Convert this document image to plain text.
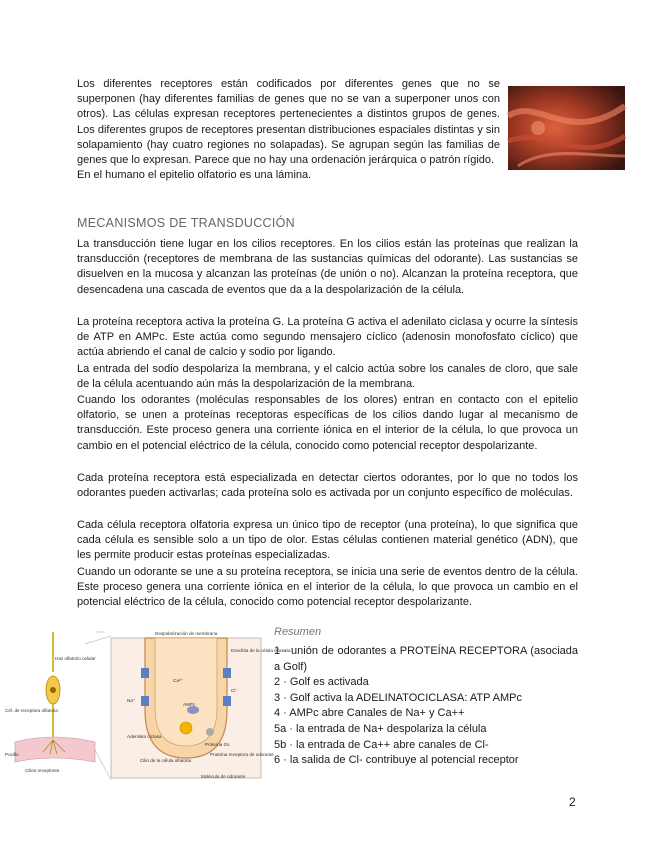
Los diferentes receptores están codificados por diferentes genes que no se superponen (hay diferentes familias de genes que no se van a superponer unos con otros). Las células expresan receptores pertenecientes a distintos grupos de genes. Los diferentes grupos de receptores presentan distribuciones espaciales distintas y sin solapamiento (hay cuatro regiones no solapadas). Se agrupan según las familias de genes que lo expresan. Parece que no hay una ordenación jerárquica o patrón rígido.
En el humano el epitelio olfatorio es una lámina.

MECANISMOS DE TRANSDUCCIÓN

La transducción tiene lugar en los cilios receptores. En los cilios están las proteínas que realizan la transducción (receptores de membrana de las sustancias químicas del odorante). Las sustancias se disuelven en la mucosa y alcanzan las proteínas (de unión o no). Alcanzan la proteína receptora, que desencadena una cascada de eventos que da a la despolarización de la célula.

La proteína receptora activa la proteína G. La proteína G activa el adenilato ciclasa y ocurre la síntesis de ATP en AMPc. Este actúa como segundo mensajero cíclico (adenosin monofosfato cíclico) que actúa abriendo el canal de calcio y sodio por ligando.

La entrada del sodio despolariza la membrana, y el calcio actúa sobre los canales de cloro, que sale de la célula acentuando aún más la despolarización de la membrana.

Cuando los odorantes (moléculas responsables de los olores) entran en contacto con el epitelio olfatorio, se unen a proteínas receptoras específicas de los cilios dando lugar al mecanismo de transducción. Este proceso genera una corriente iónica en el interior de la célula, lo que provoca un cambio en el potencial eléctrico de la célula, conocido como potencial receptor despolarizante.

Cada proteína receptora está especializada en detectar ciertos odorantes, por lo que no todos los odorantes pueden activarlas; cada proteína solo es activada por un conjunto específico de moléculas.

Cada célula receptora olfatoria expresa un único tipo de receptor (una proteína), lo que significa que cada célula es sensible solo a un tipo de olor. Estas células contienen material genético (ADN), que les permite producir estas proteínas especializadas.

Cuando un odorante se une a su proteína receptora, se inicia una serie de eventos dentro de la célula. Este proceso genera una corriente iónica en el interior de la célula, lo que provoca un cambio en el potencial eléctrico de la célula, conocido como potencial receptor despolarizante.

Haz olfatorio celular
Cél. de receptora olfatoria
Pocillo
Cilios receptores
Despolarización de membrana
Dendrita de la célula olfatoria
Adenilato ciclasa
Cilio de la célula olfatoria
Proteína Gs
Proteína receptora de odorante
Molécula de odorante
Ca²⁺
Na⁺
Cl⁻
AMPc

Resumen

1 · unión de odorantes a PROTEÍNA RECEPTORA (asociada a Golf)
2 · Golf es activada
3 · Golf activa la ADELINATOCICLASA: ATP AMPc
4 · AMPc abre Canales de Na+ y Ca++
5a · la entrada de Na+ despolariza la célula
5b · la entrada de Ca++ abre canales de Cl-
6 · la salida de Cl- contribuye al potencial receptor

2
